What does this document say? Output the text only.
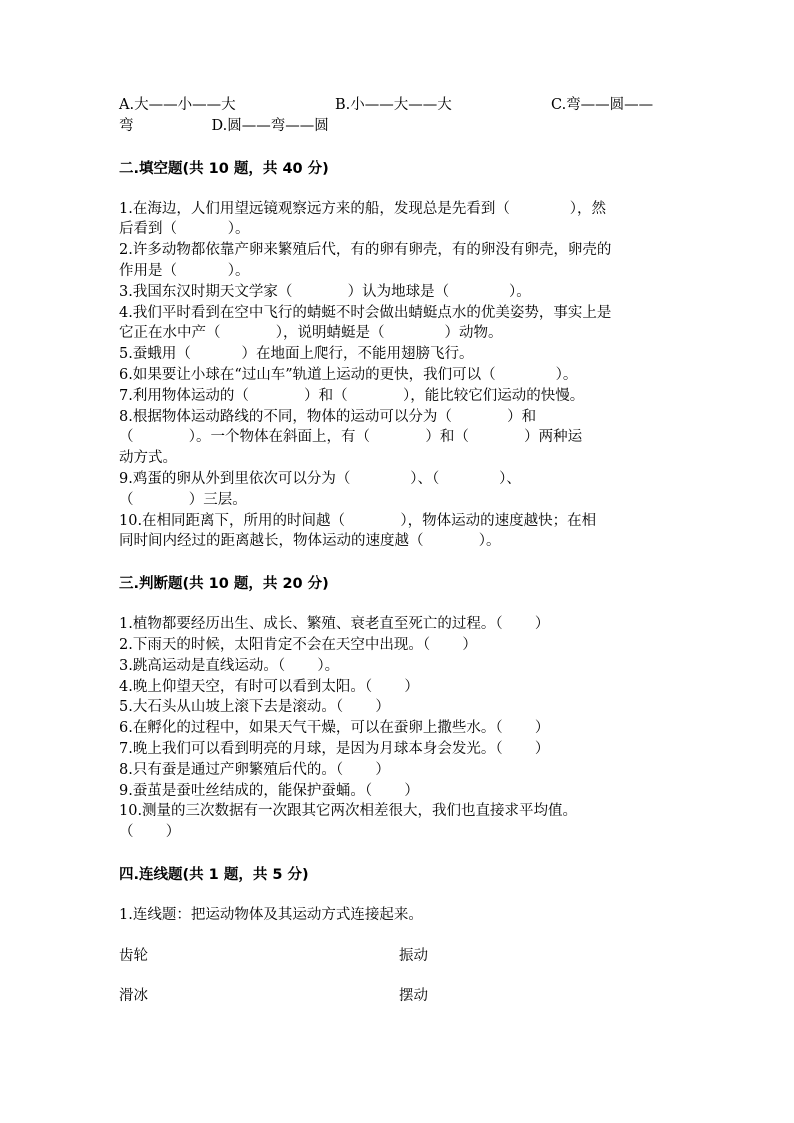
A.大——小——大	B.小——大——大	C.弯——圆——
弯	D.圆——弯——圆
二.填空题(共 10 题，共 40 分)
1.在海边，人们用望远镜观察远方来的船，发现总是先看到（             ），然
后看到（           ）。
2.许多动物都依靠产卵来繁殖后代，有的卵有卵壳，有的卵没有卵壳，卵壳的
作用是（           ）。
3.我国东汉时期天文学家（            ）认为地球是（             ）。
4.我们平时看到在空中飞行的蜻蜓不时会做出蜻蜓点水的优美姿势，事实上是
它正在水中产（            ），说明蜻蜓是（             ）动物。
5.蚕蛾用（           ）在地面上爬行，不能用翅膀飞行。
6.如果要让小球在“过山车”轨道上运动的更快，我们可以（             ）。
7.利用物体运动的（            ）和（            ），能比较它们运动的快慢。
8.根据物体运动路线的不同，物体的运动可以分为（            ）和
（            ）。一个物体在斜面上，有（            ）和（            ）两种运
动方式。
9.鸡蛋的卵从外到里依次可以分为（             ）、（             ）、
（            ）三层。
10.在相同距离下，所用的时间越（            ），物体运动的速度越快；在相
同时间内经过的距离越长，物体运动的速度越（            ）。
三.判断题(共 10 题，共 20 分)
1.植物都要经历出生、成长、繁殖、衰老直至死亡的过程。（       ）
2.下雨天的时候，太阳肯定不会在天空中出现。（       ）
3.跳高运动是直线运动。（       ）。
4.晚上仰望天空，有时可以看到太阳。（       ）
5.大石头从山坡上滚下去是滚动。（       ）
6.在孵化的过程中，如果天气干燥，可以在蚕卵上撒些水。（       ）
7.晚上我们可以看到明亮的月球，是因为月球本身会发光。（       ）
8.只有蚕是通过产卵繁殖后代的。（       ）
9.蚕茧是蚕吐丝结成的，能保护蚕蛹。（       ）
10.测量的三次数据有一次跟其它两次相差很大，我们也直接求平均值。
（       ）
四.连线题(共 1 题，共 5 分)
1.连线题：把运动物体及其运动方式连接起来。
齿轮	振动
滑冰	摆动
